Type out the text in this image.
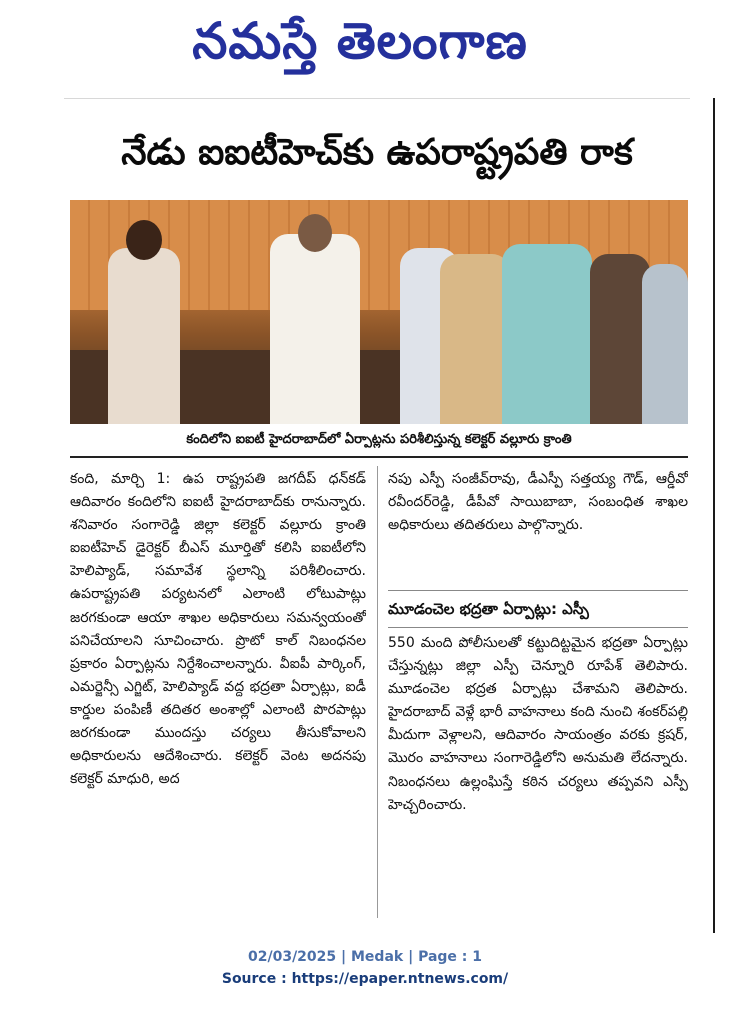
నమస్తే తెలంగాణ
నేడు ఐఐటీహెచ్‌కు ఉపరాష్ట్రపతి రాక
కందిలోని ఐఐటీ హైదరాబాద్‌లో ఏర్పాట్లను పరిశీలిస్తున్న కలెక్టర్‌ వల్లూరు క్రాంతి
కంది, మార్చి 1: ఉప రాష్ట్రపతి జగదీప్‌ ధన్‌కడ్‌ ఆదివారం కందిలోని ఐఐటీ హైదరాబాద్‌కు రానున్నారు. శనివారం సంగారెడ్డి జిల్లా కలెక్టర్‌ వల్లూరు క్రాంతి ఐఐటీహెచ్‌ డైరెక్టర్‌ బీఎస్‌ మూర్తితో కలిసి ఐఐటీలోని హెలిప్యాడ్‌, సమావేశ స్థలాన్ని పరిశీలించారు. ఉపరాష్ట్రపతి పర్యటనలో ఎలాంటి లోటుపాట్లు జరగకుండా ఆయా శాఖల అధికారులు సమన్వయంతో పనిచేయాలని సూచించారు. ప్రొటో కాల్‌ నిబంధనల ప్రకారం ఏర్పాట్లను నిర్దేశించాలన్నారు. వీఐపీ పార్కింగ్‌, ఎమర్జెన్సీ ఎగ్జిట్‌, హెలిప్యాడ్‌ వద్ద భద్రతా ఏర్పాట్లు, ఐడీ కార్డుల పంపిణీ తదితర అంశాల్లో ఎలాంటి పొరపాట్లు జరగకుండా ముందస్తు చర్యలు తీసుకోవాలని అధికారులను ఆదేశించారు. కలెక్టర్‌ వెంట అదనపు కలెక్టర్‌ మాధురి, అద
నపు ఎస్పీ సంజీవ్‌రావు, డీఎస్పీ సత్తయ్య గౌడ్‌, ఆర్డీవో రవీందర్‌రెడ్డి, డీపీవో సాయిబాబా, సంబంధిత శాఖల అధికారులు తదితరులు పాల్గొన్నారు.
మూడంచెల భద్రతా ఏర్పాట్లు: ఎస్పీ
550 మంది పోలీసులతో కట్టుదిట్టమైన భద్రతా ఏర్పాట్లు చేస్తున్నట్లు జిల్లా ఎస్పీ చెన్నూరి రూపేశ్‌ తెలిపారు. మూడంచెల భద్రత ఏర్పాట్లు చేశామని తెలిపారు. హైదరాబాద్‌ వెళ్లే భారీ వాహనాలు కంది నుంచి శంకర్‌పల్లి మీదుగా వెళ్లాలని, ఆదివారం సాయంత్రం వరకు క్రషర్‌, మొరం వాహనాలు సంగారెడ్డిలోని అనుమతి లేదన్నారు. నిబంధనలు ఉల్లంఘిస్తే కఠిన చర్యలు తప్పవని ఎస్పీ హెచ్చరించారు.
02/03/2025 | Medak | Page : 1
Source : https://epaper.ntnews.com/
